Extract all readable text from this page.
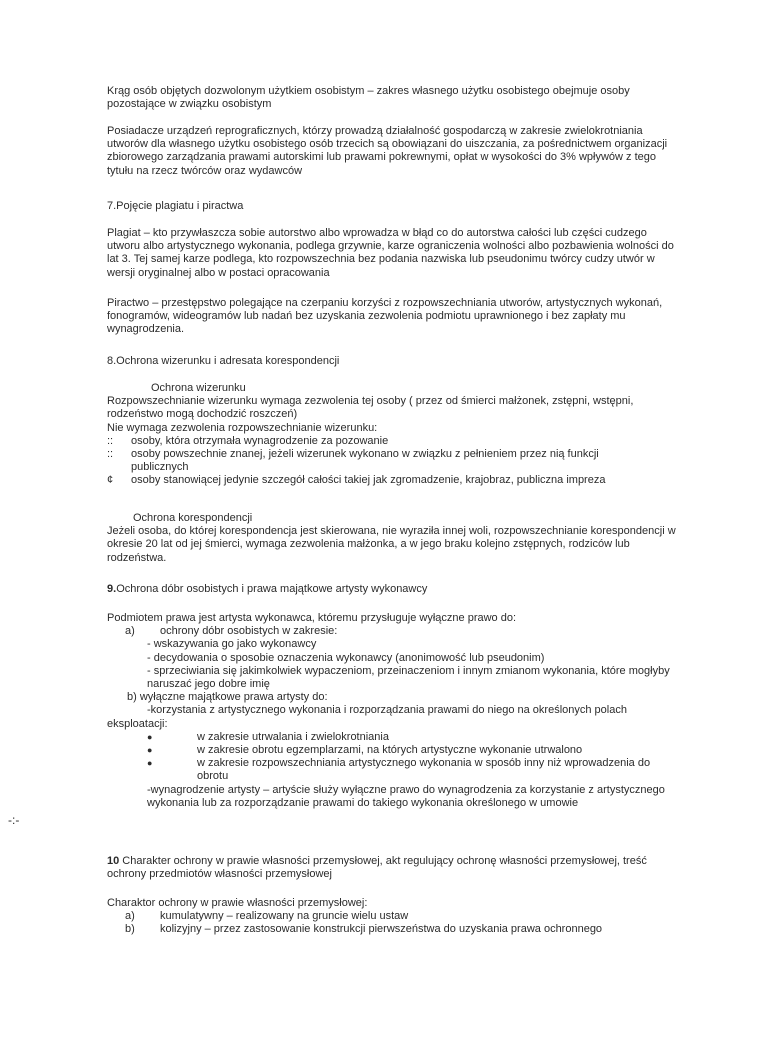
Krąg osób objętych dozwolonym użytkiem osobistym – zakres własnego użytku osobistego obejmuje osoby pozostające w związku osobistym

Posiadacze urządzeń reprograficznych, którzy prowadzą działalność gospodarczą w zakresie zwielokrotniania utworów dla własnego użytku osobistego osób trzecich są obowiązani do uiszczania, za pośrednictwem organizacji zbiorowego zarządzania prawami autorskimi lub prawami pokrewnymi, opłat w wysokości do 3% wpływów z tego tytułu na rzecz twórców oraz wydawców

7.Pojęcie plagiatu i piractwa

Plagiat – kto przywłaszcza sobie autorstwo albo wprowadza w błąd co do autorstwa całości lub części cudzego utworu albo artystycznego wykonania, podlega grzywnie, karze ograniczenia wolności albo pozbawienia wolności do lat 3. Tej samej karze podlega, kto rozpowszechnia bez podania nazwiska lub pseudonimu twórcy cudzy utwór w wersji oryginalnej albo w postaci opracowania

Piractwo – przestępstwo polegające na czerpaniu korzyści z rozpowszechniania utworów, artystycznych wykonań, fonogramów, wideogramów lub nadań bez uzyskania zezwolenia podmiotu uprawnionego i bez zapłaty mu wynagrodzenia.

8.Ochrona wizerunku i adresata korespondencji

Ochrona wizerunku

Rozpowszechnianie wizerunku wymaga zezwolenia tej osoby ( przez od śmierci małżonek, zstępni, wstępni, rodzeństwo mogą dochodzić roszczeń)

Nie wymaga zezwolenia rozpowszechnianie wizerunku:

::	osoby, która otrzymała wynagrodzenie za pozowanie
::	osoby powszechnie znanej, jeżeli wizerunek wykonano w związku z pełnieniem przez nią funkcji publicznych
¢	osoby stanowiącej jedynie szczegół całości takiej jak zgromadzenie, krajobraz, publiczna impreza

Ochrona korespondencji

Jeżeli osoba, do której korespondencja jest skierowana, nie wyraziła innej woli, rozpowszechnianie korespondencji w okresie 20 lat od jej śmierci, wymaga zezwolenia małżonka, a w jego braku kolejno zstępnych, rodziców lub rodzeństwa.

9.Ochrona dóbr osobistych i prawa majątkowe artysty wykonawcy

Podmiotem prawa jest artysta wykonawca, któremu przysługuje wyłączne prawo do:

a)	ochrony dóbr osobistych w zakresie:

- wskazywania go jako wykonawcy

- decydowania o sposobie oznaczenia wykonawcy (anonimowość lub pseudonim)

- sprzeciwiania się jakimkolwiek wypaczeniom, przeinaczeniom i innym zmianom wykonania, które mogłyby naruszać jego dobre imię

b) wyłączne majątkowe prawa artysty do:

-korzystania z artystycznego wykonania i rozporządzania prawami do niego na określonych polach eksploatacji:

●	w zakresie utrwalania i zwielokrotniania
●	w zakresie obrotu egzemplarzami, na których artystyczne wykonanie utrwalono
●	w zakresie rozpowszechniania artystycznego wykonania w sposób inny niż wprowadzenia do obrotu

-wynagrodzenie artysty – artyście służy wyłączne prawo do wynagrodzenia za korzystanie z artystycznego wykonania lub za rozporządzanie prawami do takiego wykonania określonego w umowie

10 Charakter ochrony w prawie własności przemysłowej, akt regulujący ochronę własności przemysłowej, treść ochrony przedmiotów własności przemysłowej

Charaktor ochrony w prawie własności przemysłowej:

a)	kumulatywny – realizowany na gruncie wielu ustaw
b)	kolizyjny – przez zastosowanie konstrukcji pierwszeństwa do uzyskania prawa ochronnego
-:-
